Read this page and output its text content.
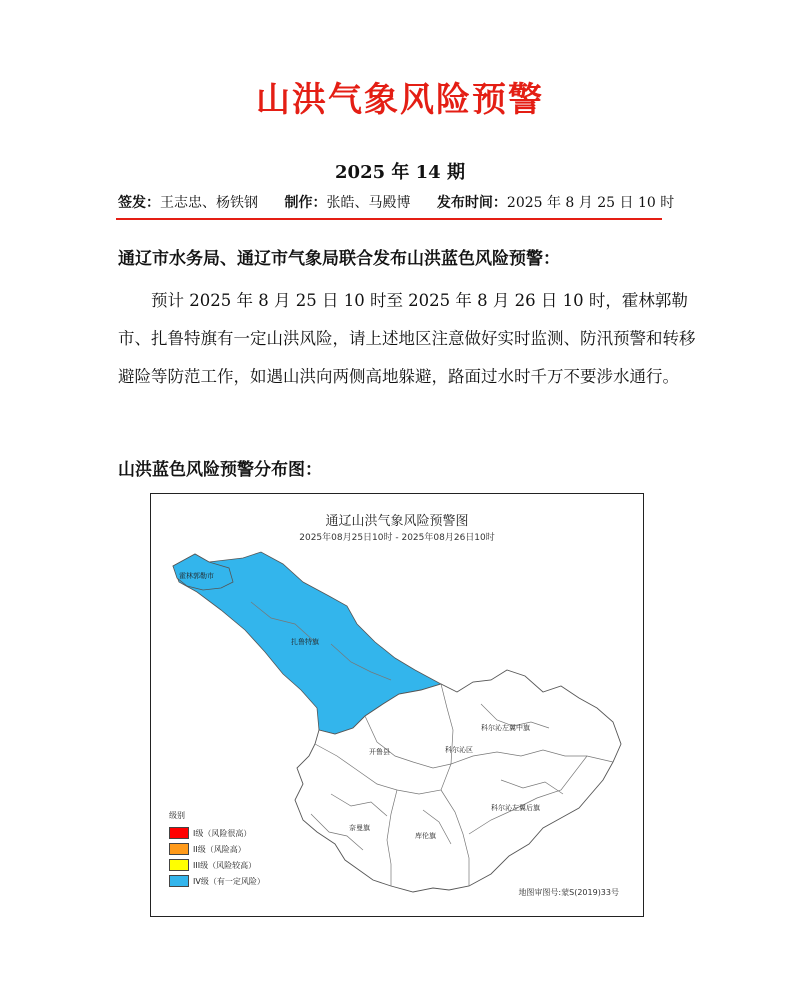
山洪气象风险预警
2025 年 14 期
签发：王志忠、杨铁钢 制作：张皓、马殿博 发布时间：2025 年 8 月 25 日 10 时
通辽市水务局、通辽市气象局联合发布山洪蓝色风险预警：
预计 2025 年 8 月 25 日 10 时至 2025 年 8 月 26 日 10 时，霍林郭勒市、扎鲁特旗有一定山洪风险，请上述地区注意做好实时监测、防汛预警和转移避险等防范工作，如遇山洪向两侧高地躲避，路面过水时千万不要涉水通行。
山洪蓝色风险预警分布图：
通辽山洪气象风险预警图
2025年08月25日10时 - 2025年08月26日10时
霍林郭勒市
扎鲁特旗
科尔沁左翼中旗
科尔沁区
开鲁县
科尔沁左翼后旗
奈曼旗
库伦旗
级别
I级（风险很高）
II级（风险高）
III级（风险较高）
IV级（有一定风险）
地图审图号:蒙S(2019)33号
